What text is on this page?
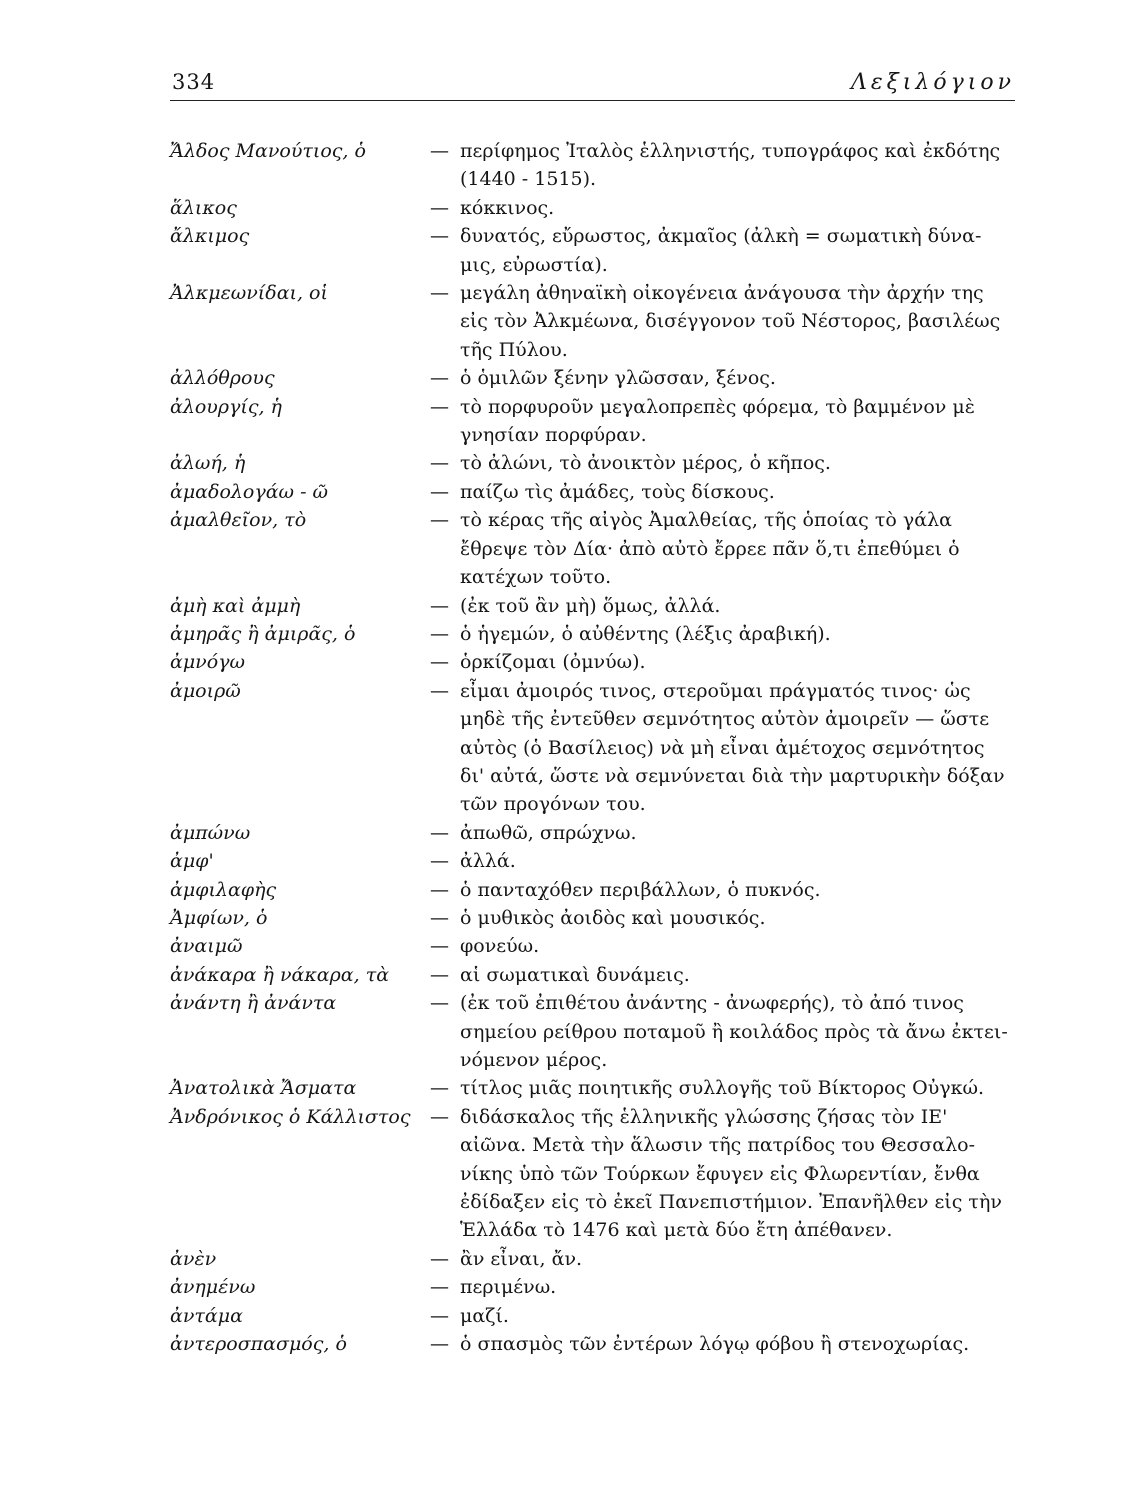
334	Λεξιλόγιον
Ἄλδος Μανούτιος, ὁ	— περίφημος Ἰταλὸς ἑλληνιστής, τυπογράφος καὶ ἐκδότης
(1440 - 1515).
ἅλικος	— κόκκινος.
ἄλκιμος	— δυνατός, εὔρωστος, ἀκμαῖος (ἀλκὴ = σωματικὴ δύνα-
μις, εὐρωστία).
Ἀλκμεωνίδαι, οἱ	— μεγάλη ἀθηναϊκὴ οἰκογένεια ἀνάγουσα τὴν ἀρχήν της
εἰς τὸν Ἀλκμέωνα, δισέγγονον τοῦ Νέστορος, βασιλέως
τῆς Πύλου.
ἀλλόθρους	— ὁ ὁμιλῶν ξένην γλῶσσαν, ξένος.
ἀλουργίς, ἡ	— τὸ πορφυροῦν μεγαλοπρεπὲς φόρεμα, τὸ βαμμένον μὲ
γνησίαν πορφύραν.
ἀλωή, ἡ	— τὸ ἀλώνι, τὸ ἀνοικτὸν μέρος, ὁ κῆπος.
ἀμαδολογάω - ῶ	— παίζω τὶς ἀμάδες, τοὺς δίσκους.
ἀμαλθεῖον, τὸ	— τὸ κέρας τῆς αἰγὸς Ἀμαλθείας, τῆς ὁποίας τὸ γάλα
ἔθρεψε τὸν Δία· ἀπὸ αὐτὸ ἔρρεε πᾶν ὅ,τι ἐπεθύμει ὁ
κατέχων τοῦτο.
ἀμὴ καὶ ἀμμὴ	— (ἐκ τοῦ ἂν μὴ) ὅμως, ἀλλά.
ἀμηρᾶς ἢ ἀμιρᾶς, ὁ	— ὁ ἡγεμών, ὁ αὐθέντης (λέξις ἀραβική).
ἀμνόγω	— ὁρκίζομαι (ὀμνύω).
ἀμοιρῶ	— εἶμαι ἀμοιρός τινος, στεροῦμαι πράγματός τινος· ὡς
μηδὲ τῆς ἐντεῦθεν σεμνότητος αὐτὸν ἀμοιρεῖν — ὥστε
αὐτὸς (ὁ Βασίλειος) νὰ μὴ εἶναι ἀμέτοχος σεμνότητος
δι' αὐτά, ὥστε νὰ σεμνύνεται διὰ τὴν μαρτυρικὴν δόξαν
τῶν προγόνων του.
ἀμπώνω	— ἀπωθῶ, σπρώχνω.
ἀμφ'	— ἀλλά.
ἀμφιλαφὴς	— ὁ πανταχόθεν περιβάλλων, ὁ πυκνός.
Ἀμφίων, ὁ	— ὁ μυθικὸς ἀοιδὸς καὶ μουσικός.
ἀναιμῶ	— φονεύω.
ἀνάκαρα ἢ νάκαρα, τὰ	— αἱ σωματικαὶ δυνάμεις.
ἀνάντη ἢ ἀνάντα	— (ἐκ τοῦ ἐπιθέτου ἀνάντης - ἀνωφερής), τὸ ἀπό τινος
σημείου ρείθρου ποταμοῦ ἢ κοιλάδος πρὸς τὰ ἄνω ἐκτει-
νόμενον μέρος.
Ἀνατολικὰ Ἄσματα	— τίτλος μιᾶς ποιητικῆς συλλογῆς τοῦ Βίκτορος Οὐγκώ.
Ἀνδρόνικος ὁ Κάλλιστος	— διδάσκαλος τῆς ἑλληνικῆς γλώσσης ζήσας τὸν ΙΕ'
αἰῶνα. Μετὰ τὴν ἅλωσιν τῆς πατρίδος του Θεσσαλο-
νίκης ὑπὸ τῶν Τούρκων ἔφυγεν εἰς Φλωρεντίαν, ἔνθα
ἐδίδαξεν εἰς τὸ ἐκεῖ Πανεπιστήμιον. Ἐπανῆλθεν εἰς τὴν
Ἑλλάδα τὸ 1476 καὶ μετὰ δύο ἔτη ἀπέθανεν.
ἀνὲν	— ἂν εἶναι, ἄν.
ἀνημένω	— περιμένω.
ἀντάμα	— μαζί.
ἀντεροσπασμός, ὁ	— ὁ σπασμὸς τῶν ἐντέρων λόγῳ φόβου ἢ στενοχωρίας.
